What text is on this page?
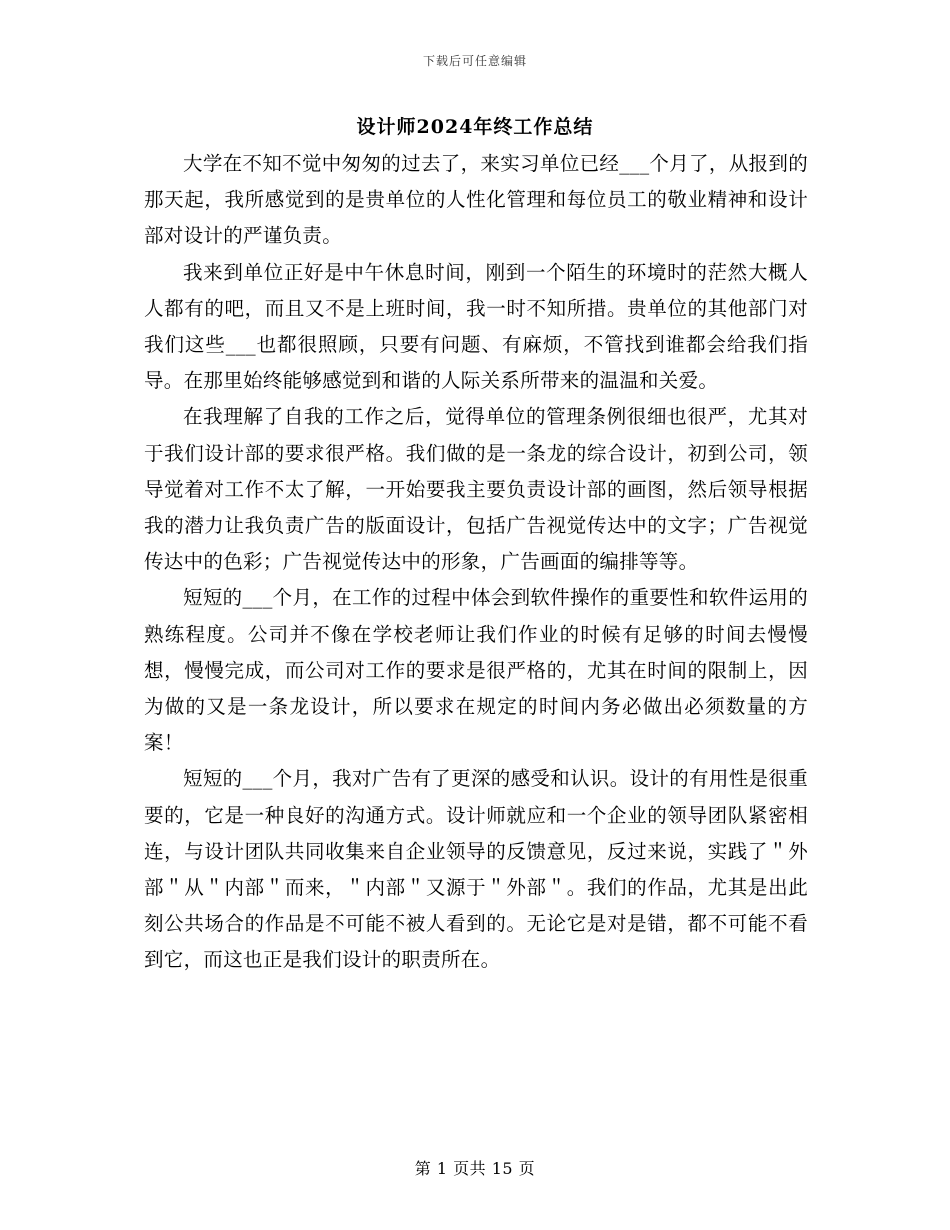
下载后可任意编辑
设计师2024年终工作总结

大学在不知不觉中匆匆的过去了，来实习单位已经___个月了，从报到的那天起，我所感觉到的是贵单位的人性化管理和每位员工的敬业精神和设计部对设计的严谨负责。

我来到单位正好是中午休息时间，刚到一个陌生的环境时的茫然大概人人都有的吧，而且又不是上班时间，我一时不知所措。贵单位的其他部门对我们这些___也都很照顾，只要有问题、有麻烦，不管找到谁都会给我们指导。在那里始终能够感觉到和谐的人际关系所带来的温温和关爱。

在我理解了自我的工作之后，觉得单位的管理条例很细也很严，尤其对于我们设计部的要求很严格。我们做的是一条龙的综合设计，初到公司，领导觉着对工作不太了解，一开始要我主要负责设计部的画图，然后领导根据我的潜力让我负责广告的版面设计，包括广告视觉传达中的文字；广告视觉传达中的色彩；广告视觉传达中的形象，广告画面的编排等等。

短短的___个月，在工作的过程中体会到软件操作的重要性和软件运用的熟练程度。公司并不像在学校老师让我们作业的时候有足够的时间去慢慢想，慢慢完成，而公司对工作的要求是很严格的，尤其在时间的限制上，因为做的又是一条龙设计，所以要求在规定的时间内务必做出必须数量的方案！

短短的___个月，我对广告有了更深的感受和认识。设计的有用性是很重要的，它是一种良好的沟通方式。设计师就应和一个企业的领导团队紧密相连，与设计团队共同收集来自企业领导的反馈意见，反过来说，实践了＂外部＂从＂内部＂而来，＂内部＂又源于＂外部＂。我们的作品，尤其是出此刻公共场合的作品是不可能不被人看到的。无论它是对是错，都不可能不看到它，而这也正是我们设计的职责所在。

第 1 页共 15 页
